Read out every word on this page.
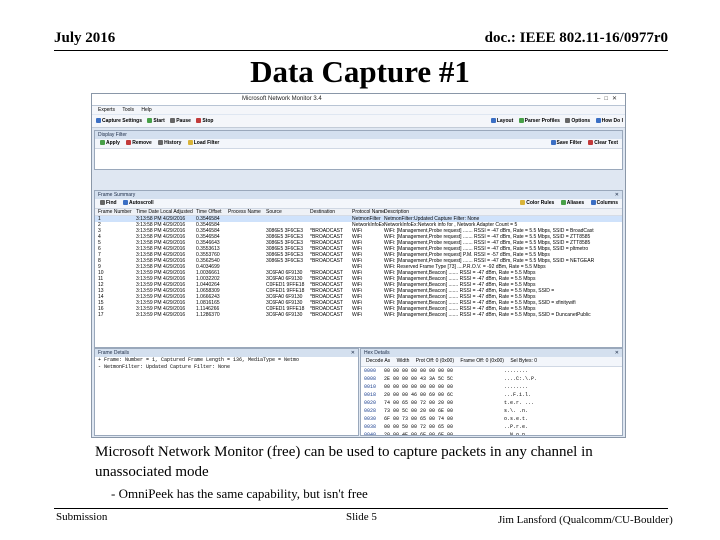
July 2016	doc.: IEEE 802.11-16/0977r0
Data Capture #1
Microsoft Network Monitor 3.4	–□✕
Experts Tools Help
Capture Settings Start Pause Stop	Layout Parser Profiles Options How Do I
Display Filter
Apply Remove History Load Filter	Save Filter Clear Text
Frame Summary	✕
Find Autoscroll	Color Rules Aliases Columns
Frame Number Time Date Local Adjusted Time Offset	Process Name	Source	Destination	Protocol Name
Description
1	3:13:58 PM 4/29/2016	0.3546584	NetmonFilter NetmonFilter:Updated Capture Filter: None
2	3:13:58 PM 4/29/2016	0.3546584	NetworkInfoEx NetworkInfoEx:Network info for , Network Adapter Count = 5
3	3:13:58 PM 4/29/2016	0.3546584	3086E5 3F6CE3	*BROADCAST	WiFi	WiFi: [Management,Probe request] ....... RSSI = -47 dBm, Rate = 5.5 Mbps, SSID = BroadCast
4	3:13:58 PM 4/29/2016	0.3546584	3086E5 3F6CE3	*BROADCAST	WiFi	WiFi: [Management,Probe request] ....... RSSI = -47 dBm, Rate = 5.5 Mbps, SSID = ZTT8585
5	3:13:58 PM 4/29/2016	0.3546643	3086E5 3F6CE3	*BROADCAST	WiFi	WiFi: [Management,Probe request] ....... RSSI = -47 dBm, Rate = 5.5 Mbps, SSID = ZTT8585
6	3:13:58 PM 4/29/2016	0.3553613	3086E5 3F6CE3	*BROADCAST	WiFi	WiFi: [Management,Probe request] ....... RSSI = -47 dBm, Rate = 5.5 Mbps, SSID = pltmetro
7	3:13:58 PM 4/29/2016	0.3553760	3086E5 3F6CE3	*BROADCAST	WiFi	WiFi: [Management,Probe request] P.M. RSSI = -57 dBm, Rate = 5.5 Mbps
8	3:13:58 PM 4/29/2016	0.3562540	3086E5 3F6CE3	*BROADCAST	WiFi	WiFi: [Management,Probe request] ....... RSSI = -47 dBm, Rate = 5.5 Mbps, SSID = NETGEAR
9	3:13:58 PM 4/29/2016	0.4034699	WiFi	WiFi: Reserved Frame Type [73] ....P.R.O.V. = -92 dBm, Rate = 5.5 Mbps
10	3:13:59 PM 4/29/2016	1.0036661	3C6FA0 6F9130	*BROADCAST	WiFi	WiFi: [Management,Beacon] ....... RSSI = -47 dBm, Rate = 5.5 Mbps
11	3:13:59 PM 4/29/2016	1.0032202	3C6FA0 6F9130	*BROADCAST	WiFi	WiFi: [Management,Beacon] ....... RSSI = -47 dBm, Rate = 5.5 Mbps
12	3:13:59 PM 4/29/2016	1.0440264	C0FED1 9FFE18	*BROADCAST	WiFi	WiFi: [Management,Beacon] ....... RSSI = -47 dBm, Rate = 5.5 Mbps
13	3:13:59 PM 4/29/2016	1.0658309	C0FED1 9FFE18	*BROADCAST	WiFi	WiFi: [Management,Beacon] ....... RSSI = -47 dBm, Rate = 5.5 Mbps, SSID =
14	3:13:59 PM 4/29/2016	1.0666243	3C6FA0 6F9130	*BROADCAST	WiFi	WiFi: [Management,Beacon] ....... RSSI = -47 dBm, Rate = 5.5 Mbps
15	3:13:59 PM 4/29/2016	1.0816165	3C6FA0 6F9130	*BROADCAST	WiFi	WiFi: [Management,Beacon] ....... RSSI = -47 dBm, Rate = 5.5 Mbps, SSID = xfinitywifi
16	3:13:59 PM 4/29/2016	1.1146266	C0FED1 9FFE18	*BROADCAST	WiFi	WiFi: [Management,Beacon] ....... RSSI = -47 dBm, Rate = 5.5 Mbps
17	3:13:59 PM 4/29/2016	1.1286370	3C6FA0 6F9130	*BROADCAST	WiFi	WiFi: [Management,Beacon] ....... RSSI = -47 dBm, Rate = 5.5 Mbps, SSID = DuncanetPublic
Frame Details	✕
+ Frame: Number = 1, Captured Frame Length = 136, MediaType = Netmo
- NetmonFilter: Updated Capture Filter: None
Hex Details	✕
Decode As Width Prot Off: 0 (0x00) Frame Off: 0 (0x00) Sel Bytes: 0
0000 00 00 00 00 00 00 00 00	........
0008 2E 00 00 00 43 3A 5C 5C	....C:.\.P.
0010 00 00 00 00 00 00 00 00	........
0018 20 00 00 46 00 69 00 6C	...F.i.l.
0020 74 00 65 00 72 00 20 00	t.e.r. ...
0028 73 00 5C 00 20 00 6E 00	s.\. .n.
0030 6F 00 73 00 65 00 74 00	o.s.e.t.
0038 00 00 50 00 72 00 65 00	..P.r.e.
0040 20 00 4E 00 6F 00 6E 00	.N.o.n.
Microsoft Network Monitor (free) can be used to capture packets in any channel in unassociated mode
- OmniPeek has the same capability, but isn't free
Submission	Slide 5	Jim Lansford (Qualcomm/CU-Boulder)
